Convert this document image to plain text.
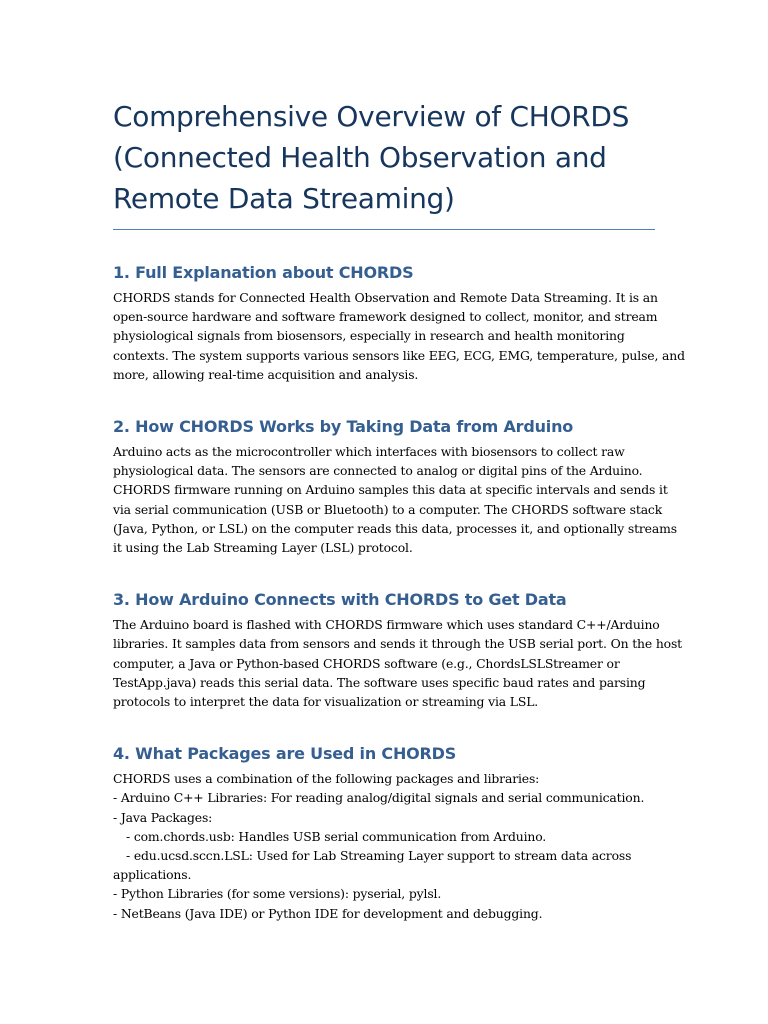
Comprehensive Overview of CHORDS
(Connected Health Observation and
Remote Data Streaming)
1. Full Explanation about CHORDS

CHORDS stands for Connected Health Observation and Remote Data Streaming. It is an
open-source hardware and software framework designed to collect, monitor, and stream
physiological signals from biosensors, especially in research and health monitoring
contexts. The system supports various sensors like EEG, ECG, EMG, temperature, pulse, and
more, allowing real-time acquisition and analysis.

2. How CHORDS Works by Taking Data from Arduino

Arduino acts as the microcontroller which interfaces with biosensors to collect raw
physiological data. The sensors are connected to analog or digital pins of the Arduino.
CHORDS firmware running on Arduino samples this data at specific intervals and sends it
via serial communication (USB or Bluetooth) to a computer. The CHORDS software stack
(Java, Python, or LSL) on the computer reads this data, processes it, and optionally streams
it using the Lab Streaming Layer (LSL) protocol.

3. How Arduino Connects with CHORDS to Get Data

The Arduino board is flashed with CHORDS firmware which uses standard C++/Arduino
libraries. It samples data from sensors and sends it through the USB serial port. On the host
computer, a Java or Python-based CHORDS software (e.g., ChordsLSLStreamer or
TestApp.java) reads this serial data. The software uses specific baud rates and parsing
protocols to interpret the data for visualization or streaming via LSL.

4. What Packages are Used in CHORDS

CHORDS uses a combination of the following packages and libraries:
- Arduino C++ Libraries: For reading analog/digital signals and serial communication.
- Java Packages:
- com.chords.usb: Handles USB serial communication from Arduino.
- edu.ucsd.sccn.LSL: Used for Lab Streaming Layer support to stream data across
applications.
- Python Libraries (for some versions): pyserial, pylsl.
- NetBeans (Java IDE) or Python IDE for development and debugging.
